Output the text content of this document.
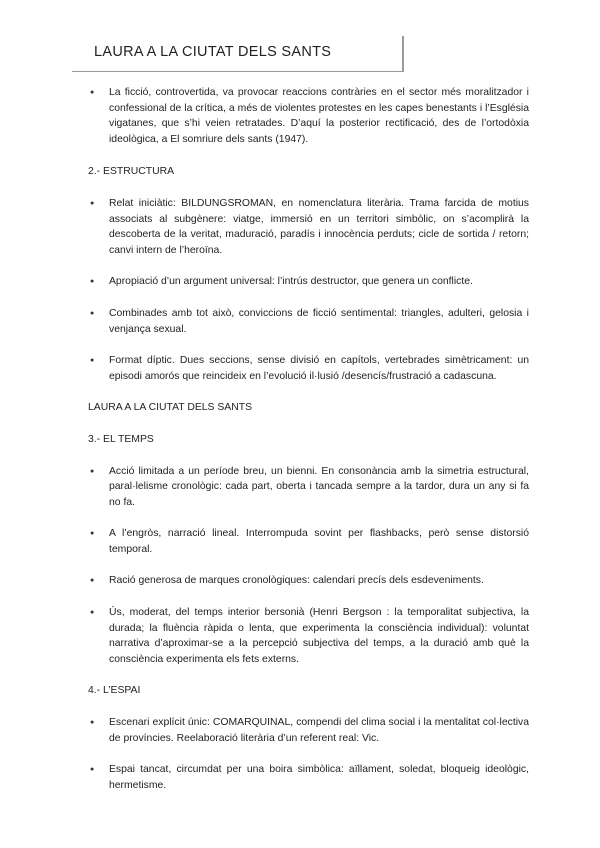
LAURA A LA CIUTAT DELS SANTS
● La ficció, controvertida, va provocar reaccions contràries en el sector més moralitzador i confessional de la crítica, a més de violentes protestes en les capes benestants i l’Església vigatanes, que s’hi veien retratades. D’aquí la posterior rectificació, des de l’ortodòxia ideològica, a El somriure dels sants (1947).
2.- ESTRUCTURA
● Relat iniciàtic: BILDUNGSROMAN, en nomenclatura literària. Trama farcida de motius associats al subgènere: viatge, immersió en un territori simbòlic, on s’acomplirà la descoberta de la veritat, maduració, paradís i innocència perduts; cicle de sortida / retorn; canvi intern de l’heroïna.
● Apropiació d’un argument universal: l’intrús destructor, que genera un conflicte.
● Combinades amb tot això, conviccions de ficció sentimental: triangles, adulteri, gelosia i venjança sexual.
● Format díptic. Dues seccions, sense divisió en capítols, vertebrades simètricament: un episodi amorós que reincideix en l’evolució il·lusió /desencís/frustració a cadascuna.
LAURA A LA CIUTAT DELS SANTS
3.- EL TEMPS
● Acció limitada a un període breu, un bienni. En consonància amb la simetria estructural, paral·lelisme cronològic: cada part, oberta i tancada sempre a la tardor, dura un any si fa no fa.
● A l’engròs, narració lineal. Interrompuda sovint per flashbacks, però sense distorsió temporal.
● Ració generosa de marques cronològiques: calendari precís dels esdeveniments.
● Ús, moderat, del temps interior bersonià (Henri Bergson : la temporalitat subjectiva, la durada; la fluència ràpida o lenta, que experimenta la consciència individual): voluntat narrativa d’aproximar-se a la percepció subjectiva del temps, a la duració amb què la consciència experimenta els fets externs.
4.- L’ESPAI
● Escenari explícit únic: COMARQUINAL, compendi del clima social i la mentalitat col·lectiva de províncies. Reelaboració literària d’un referent real: Vic.
● Espai tancat, circumdat per una boira simbòlica: aïllament, soledat, bloqueig ideològic, hermetisme.
